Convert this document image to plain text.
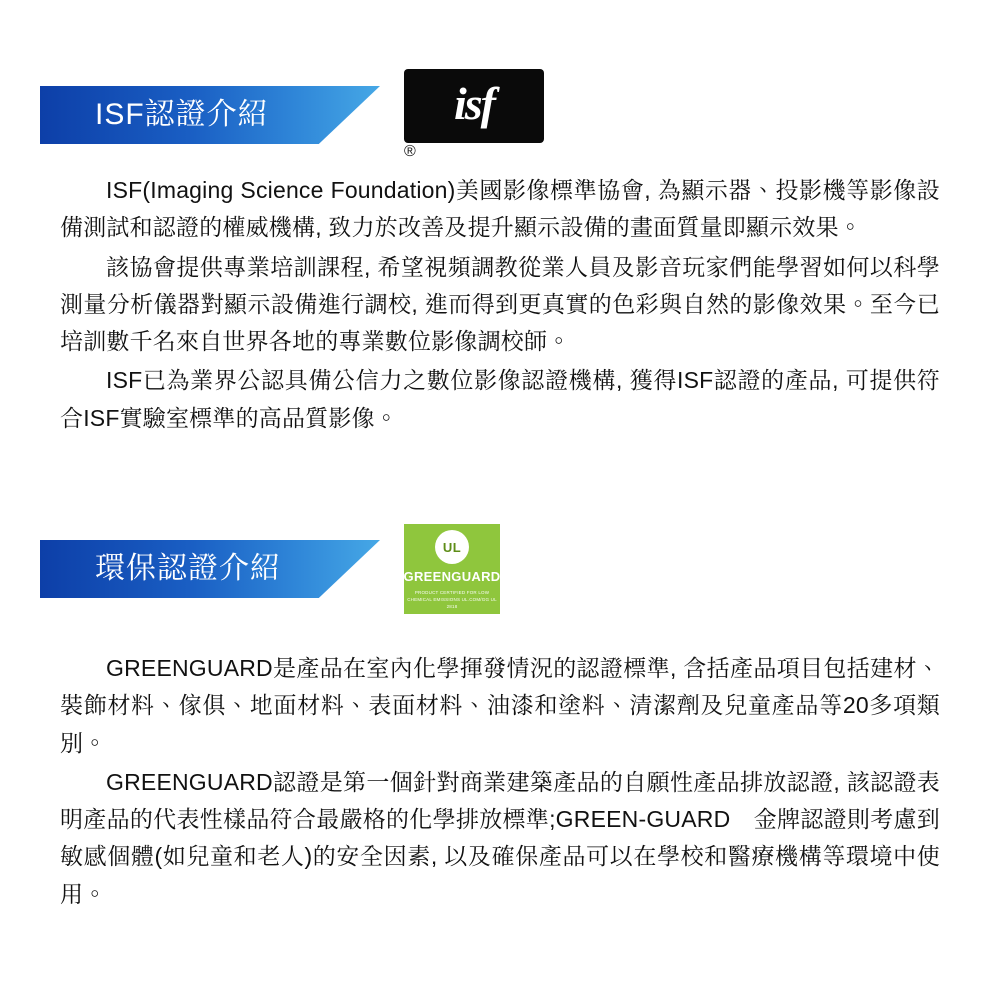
ISF認證介紹	isf
®

ISF(Imaging Science Foundation)美國影像標準協會, 為顯示器、投影機等影像設備測試和認證的權威機構, 致力於改善及提升顯示設備的畫面質量即顯示效果。

該協會提供專業培訓課程, 希望視頻調教從業人員及影音玩家們能學習如何以科學測量分析儀器對顯示設備進行調校, 進而得到更真實的色彩與自然的影像效果。至今已培訓數千名來自世界各地的專業數位影像調校師。

ISF已為業界公認具備公信力之數位影像認證機構, 獲得ISF認證的產品, 可提供符合ISF實驗室標準的高品質影像。

環保認證介紹
UL
GREENGUARD
PRODUCT CERTIFIED FOR LOW CHEMICAL EMISSIONS UL.COM/GG UL 2818

GREENGUARD是產品在室內化學揮發情況的認證標準, 含括產品項目包括建材、裝飾材料、傢俱、地面材料、表面材料、油漆和塗料、清潔劑及兒童產品等20多項類別。

GREENGUARD認證是第一個針對商業建築產品的自願性產品排放認證, 該認證表明產品的代表性樣品符合最嚴格的化學排放標準;GREEN-GUARD　金牌認證則考慮到敏感個體(如兒童和老人)的安全因素, 以及確保產品可以在學校和醫療機構等環境中使用。
